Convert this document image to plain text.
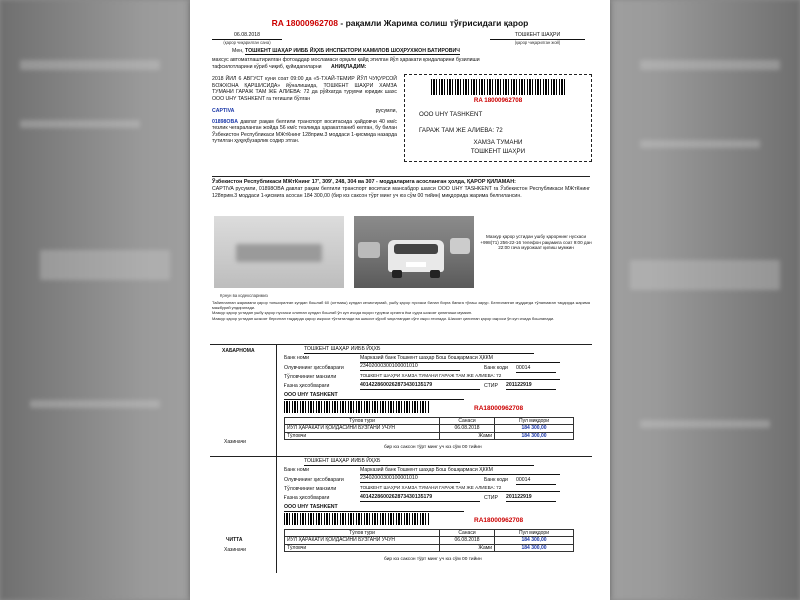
RA 18000962708 - рақамли Жарима солиш тўғрисидаги қарор
06.08.2018
(қарор чиқарилган сана)
ТОШКЕНТ ШАҲРИ
(қарор чиқарилган жой)
Мен, ТОШКЕНТ ШАҲАР ИИББ ЙҲХБ ИНСПЕКТОРИ КАМИЛОВ ШОҲРУХЖОН БАТИРОВИЧ
махсус автоматлаштирилган фотоаддар мосламаси орқали қайд этилган йўл ҳаракати қоидаларини бузилиши
тафсилотларини кўриб чиқиб, қуйидагиларни АНИҚЛАДИМ:
2018 ЙИЛ 6 АВГУСТ куни соат 09:00 да «5-ТХАЙ-ТЕМИР ЙЎЛ ЧУҚУРСОЙ БОЖХОНА ҚАРШИСИДА» йўналишида, ТОШКЕНТ ШАҲРИ ХАМЗА ТУМАНИ ГАРАЖ ТАМ ЖЕ АЛИЕВА: 72 да рўйхатда турувчи юридик шахс ООО UHY TASHKENT га тегишли бўлган
CAPTIVA	русумли,
01898OBA давлат рақам белгили транспорт воситасида ҳайдовчи 40 км/с тезлик чегараланган жойда 56 км/с тезликда ҳаракатланиб келган, бу билан Ўзбекистон Республикаси МЖтКнинг 128прим.3 моддаси 1-қисмида назарда тутилган ҳуқуқбузарлик содир этган.
RA 18000962708
ООО UHY TASHKENT
ГАРАЖ ТАМ ЖЕ АЛИЕВА: 72
ХАМЗА ТУМАНИ
ТОШКЕНТ ШАҲРИ
Ўзбекистон Республикаси МЖтКнинг 17', 309', 248, 304 ва 307 - моддаларига асосланган ҳолда, ҚАРОР ҚИЛАМАН:
CAPTIVA русумли, 01898OBA давлат рақам белгили транспорт воситаси мансабдор шахси ООО UHY TASHKENT га Ўзбекистон Республикаси МЖтКнинг 128прим.3 моддаси 1-қисмига асосан 184 300,00 (бир юз саксон тўрт минг уч юз сўм 00 тийин) миқдорида жарима белгилансин.
Мазкур қарор устидан ушбу қарорнинг нусхаси +998(71) 256-22-16 телефон рақамига соат 9:00 дан 22:00 гача мурожаат қилиш мумкин
Қонун ва кодексларимиз
Тайинланган жаримани қарор топширилган кундан бошлаб 60 (олтмиш) кундан кечиктирмай, ушбу қарор нусхаси билан бирга банкга тўлаш зарур. Белгиланган муддатда тўланмаган тақдирда жарима мажбурий ундирилади.
Мазкур қарор устидан ушбу қарор нусхаси олинган кундан бошлаб ўн кун ичида юқори турувчи органга ёки судга шикоят қилиниши мумкин.
Мазкур қарор устидан шикоят берилган тақдирда қарор ижроси тўхтатилади ва шикоят кўриб чиқилгандан сўнг ижро этилади. Шикоят қилинган қарор ижроси ўн кун ичида бошланади.
ХАБАРНОМА
Хазиначи
ТОШКЕНТ ШАҲАР ИИББ ЙҲХБ
Банк номи	Марказий банк Тошкент шаҳар Бош бошқармаси ҲККМ
Олувчининг ҳисобварағи	23402000300100001010	Банк коди 00014
Тўловчининг манзили	ТОШКЕНТ ШАҲРИ ХАМЗА ТУМАНИ ГАРАЖ ТАМ ЖЕ АЛИЕВА: 72
Ғазна ҳисобварағи	4014228600262873430135179	СТИР 201122919
ООО UHY TASHKENT
RA18000962708
Тўлов тури	Санаси	Пул миқдори
ЙЎЛ ҲАРАКАТИ ҚОИДАСИНИ БУЗГАНИ УЧУН	06.08.2018	184 300,00
Тўловчи	Жами	184 300,00
бир юз саксон тўрт минг уч юз сўм 00 тийин
ЧИТТА
Хазиначи
ТОШКЕНТ ШАҲАР ИИББ ЙҲХБ
Банк номи	Марказий банк Тошкент шаҳар Бош бошқармаси ҲККМ
Олувчининг ҳисобварағи	23402000300100001010	Банк коди 00014
Тўловчининг манзили	ТОШКЕНТ ШАҲРИ ХАМЗА ТУМАНИ ГАРАЖ ТАМ ЖЕ АЛИЕВА: 72
Ғазна ҳисобварағи	4014228600262873430135179	СТИР 201122919
ООО UHY TASHKENT
RA18000962708
Тўлов тури	Санаси	Пул миқдори
ЙЎЛ ҲАРАКАТИ ҚОИДАСИНИ БУЗГАНИ УЧУН	06.08.2018	184 300,00
Тўловчи	Жами	184 300,00
бир юз саксон тўрт минг уч юз сўм 00 тийин
